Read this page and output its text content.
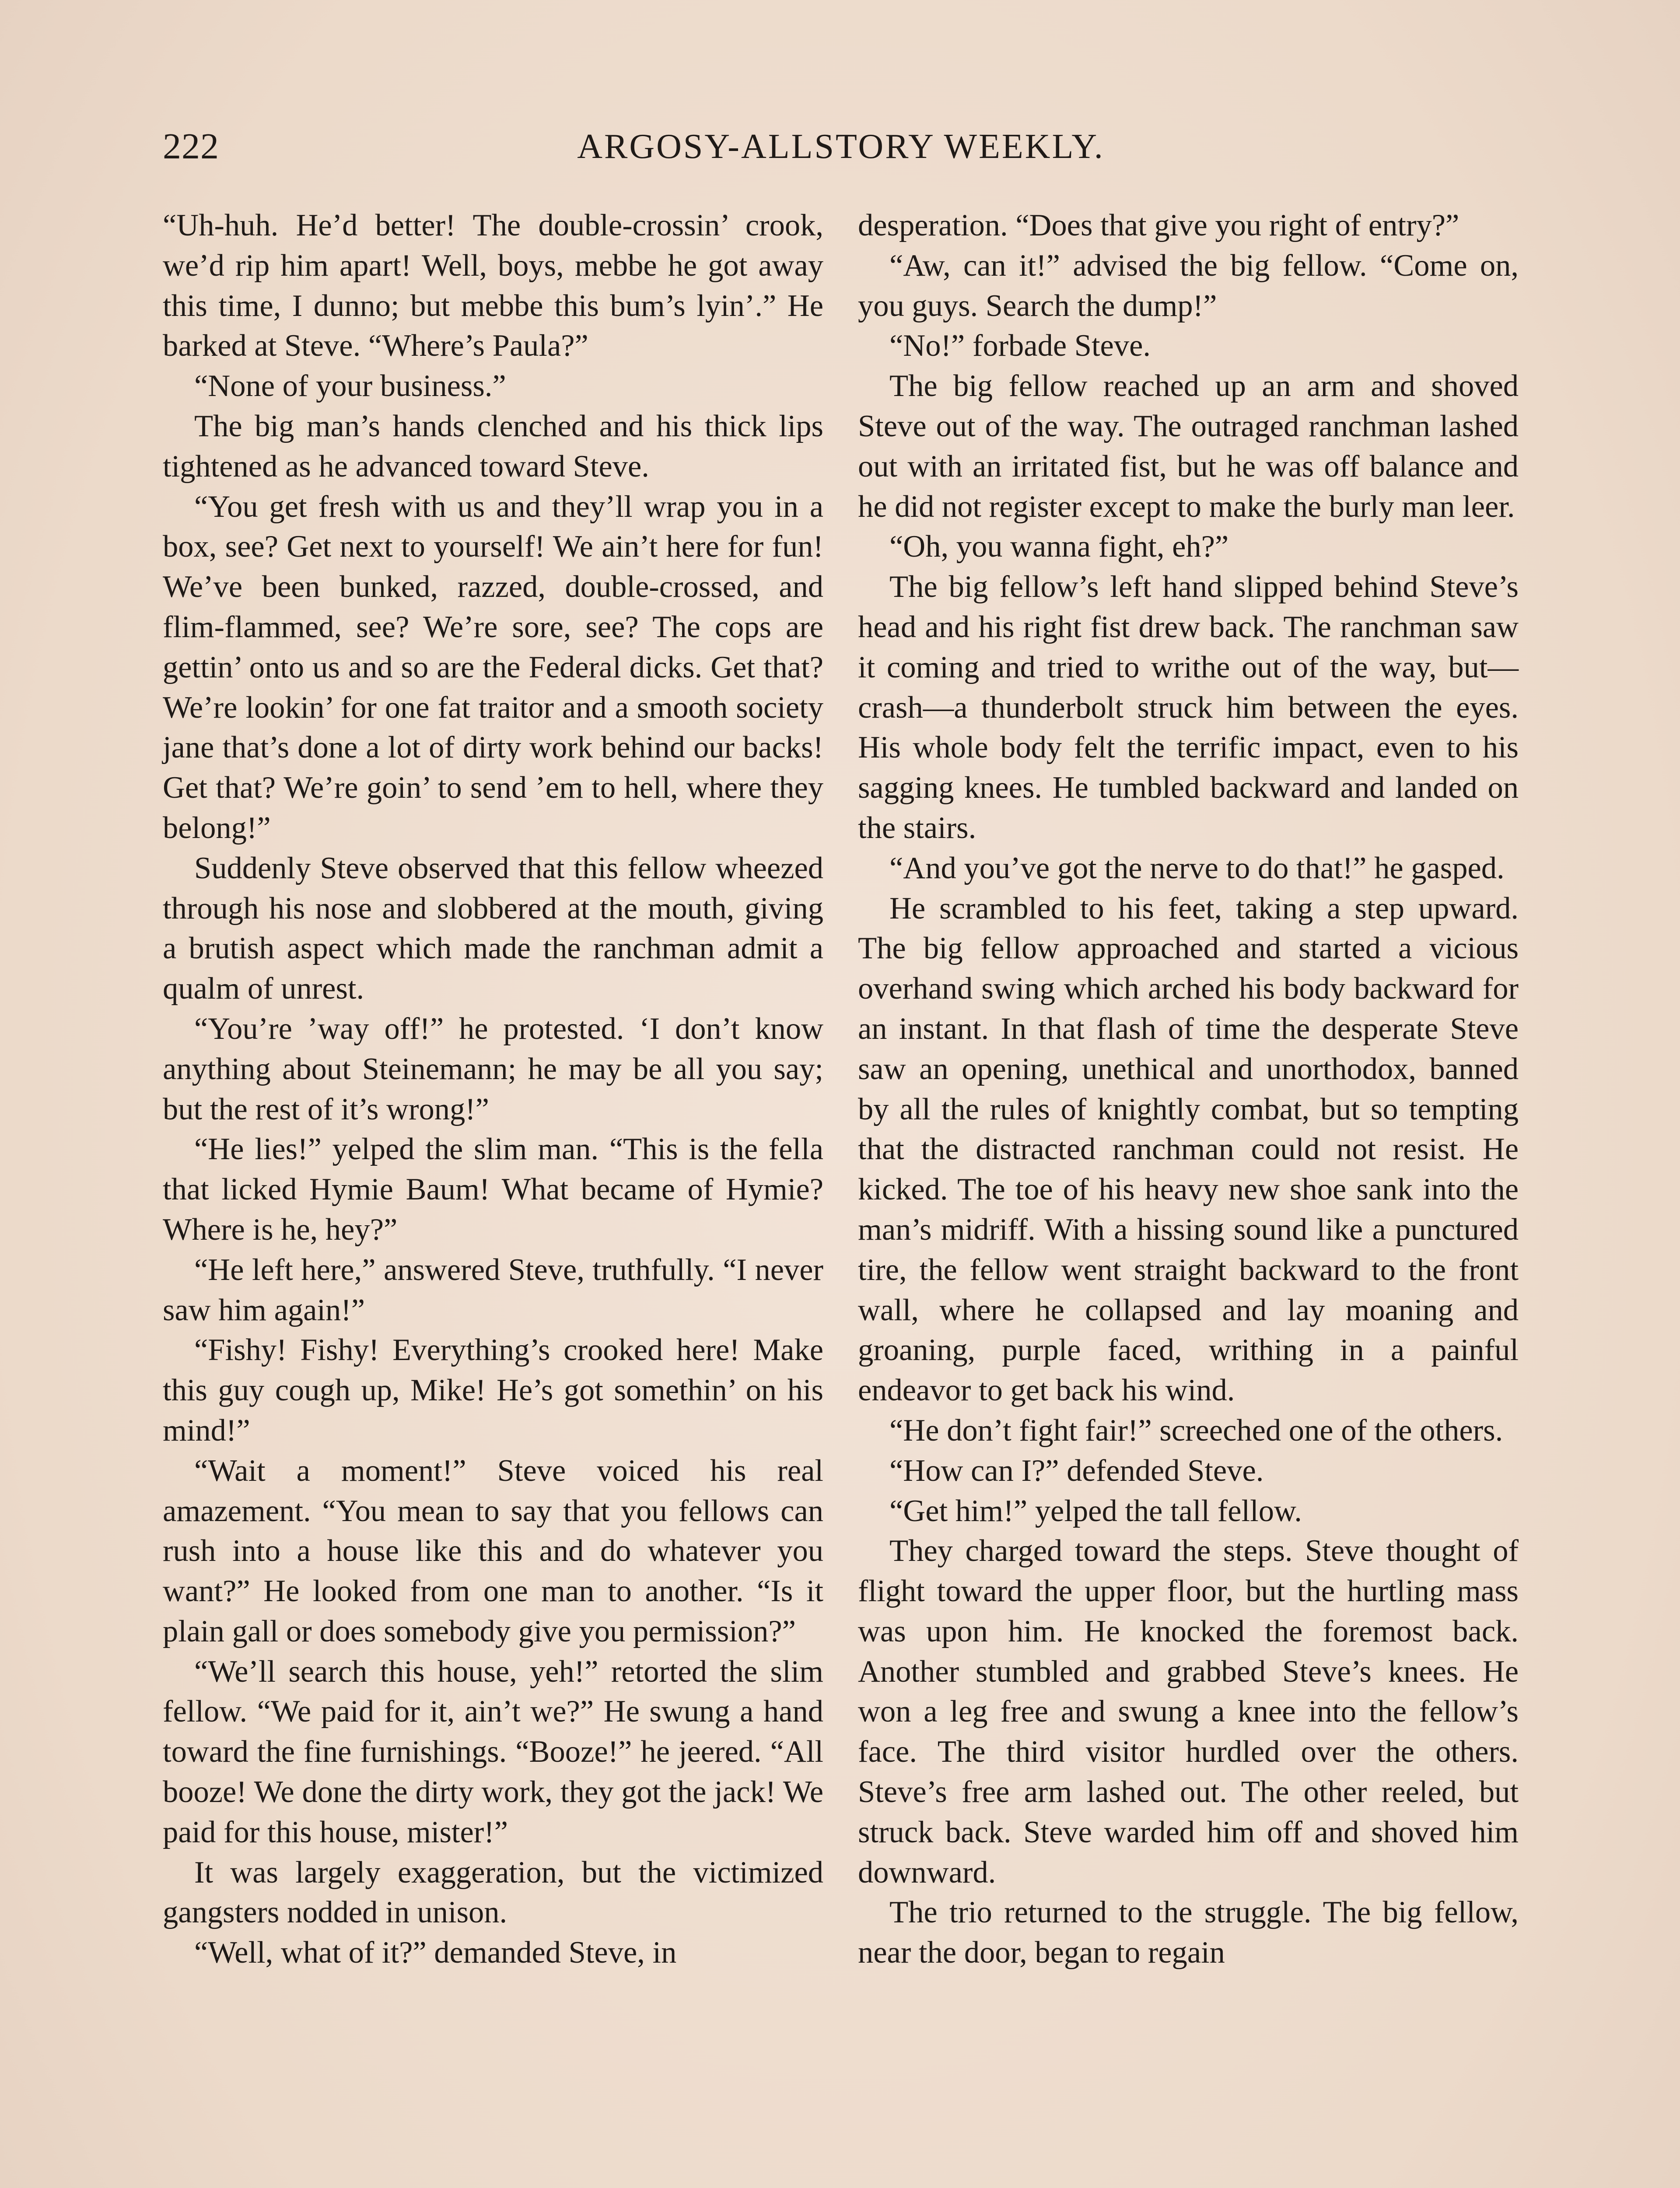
222	ARGOSY-ALLSTORY WEEKLY.

“Uh-huh. He’d better! The double-crossin’ crook, we’d rip him apart! Well, boys, mebbe he got away this time, I dunno; but mebbe this bum’s lyin’.” He barked at Steve. “Where’s Paula?”

“None of your business.”

The big man’s hands clenched and his thick lips tightened as he advanced toward Steve.

“You get fresh with us and they’ll wrap you in a box, see? Get next to yourself! We ain’t here for fun! We’ve been bunked, razzed, double-crossed, and flim-flammed, see? We’re sore, see? The cops are gettin’ onto us and so are the Federal dicks. Get that? We’re lookin’ for one fat traitor and a smooth society jane that’s done a lot of dirty work behind our backs! Get that? We’re goin’ to send ’em to hell, where they belong!”

Suddenly Steve observed that this fellow wheezed through his nose and slobbered at the mouth, giving a brutish aspect which made the ranchman admit a qualm of unrest.

“You’re ’way off!” he protested. ‘I don’t know anything about Steinemann; he may be all you say; but the rest of it’s wrong!”

“He lies!” yelped the slim man. “This is the fella that licked Hymie Baum! What became of Hymie? Where is he, hey?”

“He left here,” answered Steve, truthfully. “I never saw him again!”

“Fishy! Fishy! Everything’s crooked here! Make this guy cough up, Mike! He’s got somethin’ on his mind!”

“Wait a moment!” Steve voiced his real amazement. “You mean to say that you fellows can rush into a house like this and do whatever you want?” He looked from one man to another. “Is it plain gall or does somebody give you permission?”

“We’ll search this house, yeh!” retorted the slim fellow. “We paid for it, ain’t we?” He swung a hand toward the fine furnishings. “Booze!” he jeered. “All booze! We done the dirty work, they got the jack! We paid for this house, mister!”

It was largely exaggeration, but the victimized gangsters nodded in unison.

“Well, what of it?” demanded Steve, in

desperation. “Does that give you right of entry?”

“Aw, can it!” advised the big fellow. “Come on, you guys. Search the dump!”

“No!” forbade Steve.

The big fellow reached up an arm and shoved Steve out of the way. The outraged ranchman lashed out with an irritated fist, but he was off balance and he did not register except to make the burly man leer.

“Oh, you wanna fight, eh?”

The big fellow’s left hand slipped behind Steve’s head and his right fist drew back. The ranchman saw it coming and tried to writhe out of the way, but—crash—a thunderbolt struck him between the eyes. His whole body felt the terrific impact, even to his sagging knees. He tumbled backward and landed on the stairs.

“And you’ve got the nerve to do that!” he gasped.

He scrambled to his feet, taking a step upward. The big fellow approached and started a vicious overhand swing which arched his body backward for an instant. In that flash of time the desperate Steve saw an opening, unethical and unorthodox, banned by all the rules of knightly combat, but so tempting that the distracted ranchman could not resist. He kicked. The toe of his heavy new shoe sank into the man’s midriff. With a hissing sound like a punctured tire, the fellow went straight backward to the front wall, where he collapsed and lay moaning and groaning, purple faced, writhing in a painful endeavor to get back his wind.

“He don’t fight fair!” screeched one of the others.

“How can I?” defended Steve.

“Get him!” yelped the tall fellow.

They charged toward the steps. Steve thought of flight toward the upper floor, but the hurtling mass was upon him. He knocked the foremost back. Another stumbled and grabbed Steve’s knees. He won a leg free and swung a knee into the fellow’s face. The third visitor hurdled over the others. Steve’s free arm lashed out. The other reeled, but struck back. Steve warded him off and shoved him downward.

The trio returned to the struggle. The big fellow, near the door, began to regain
